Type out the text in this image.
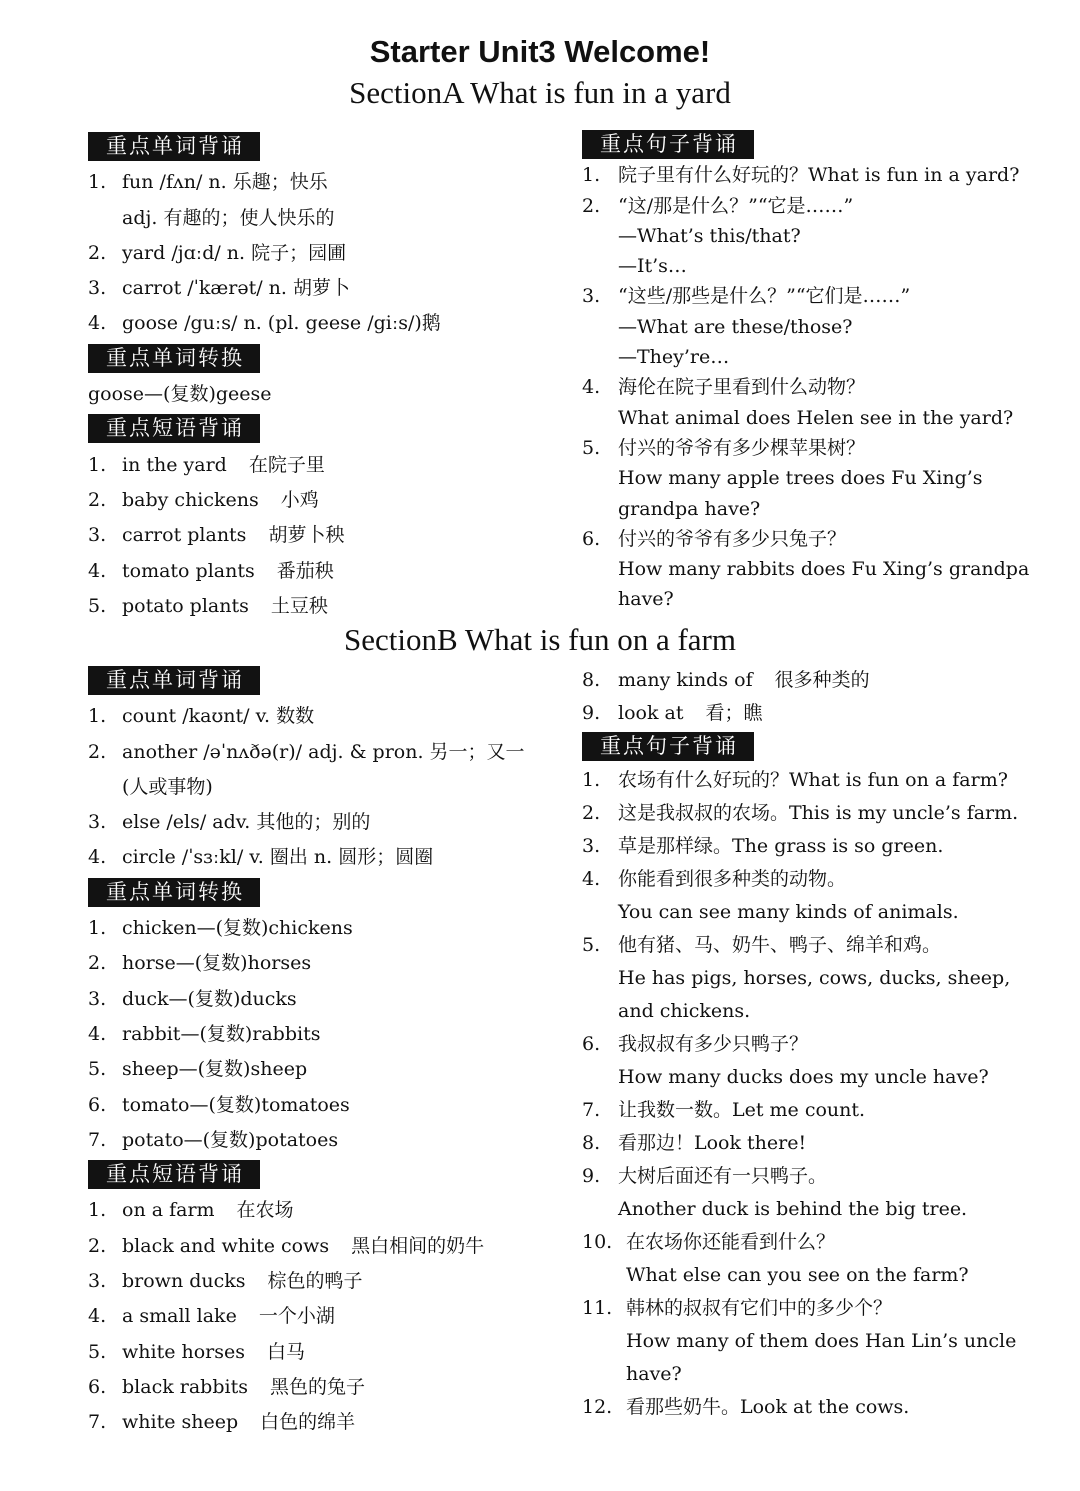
Starter Unit3 Welcome!
SectionA What is fun in a yard
SectionB What is fun on a farm
重点单词背诵
1. fun /fʌn/ n. 乐趣；快乐
adj. 有趣的；使人快乐的
2. yard /jɑːd/ n. 院子；园圃
3. carrot /ˈkærət/ n. 胡萝卜
4. goose /guːs/ n. (pl. geese /giːs/)鹅
重点单词转换
goose—(复数)geese
重点短语背诵
1. in the yard 在院子里
2. baby chickens 小鸡
3. carrot plants 胡萝卜秧
4. tomato plants 番茄秧
5. potato plants 土豆秧
重点句子背诵
1. 院子里有什么好玩的？What is fun in a yard?
2. “这/那是什么？”“它是……”
—What’s this/that?
—It’s…
3. “这些/那些是什么？”“它们是……”
—What are these/those?
—They’re…
4. 海伦在院子里看到什么动物？
What animal does Helen see in the yard?
5. 付兴的爷爷有多少棵苹果树？
How many apple trees does Fu Xing’s
grandpa have?
6. 付兴的爷爷有多少只兔子？
How many rabbits does Fu Xing’s grandpa
have?
重点单词背诵
1. count /kaʊnt/ v. 数数
2. another /əˈnʌðə(r)/ adj. & pron. 另一；又一
(人或事物)
3. else /els/ adv. 其他的；别的
4. circle /ˈsɜːkl/ v. 圈出 n. 圆形；圆圈
重点单词转换
1. chicken—(复数)chickens
2. horse—(复数)horses
3. duck—(复数)ducks
4. rabbit—(复数)rabbits
5. sheep—(复数)sheep
6. tomato—(复数)tomatoes
7. potato—(复数)potatoes
重点短语背诵
1. on a farm 在农场
2. black and white cows 黑白相间的奶牛
3. brown ducks 棕色的鸭子
4. a small lake 一个小湖
5. white horses 白马
6. black rabbits 黑色的兔子
7. white sheep 白色的绵羊
8. many kinds of 很多种类的
9. look at 看；瞧
重点句子背诵
1. 农场有什么好玩的？What is fun on a farm?
2. 这是我叔叔的农场。This is my uncle’s farm.
3. 草是那样绿。The grass is so green.
4. 你能看到很多种类的动物。
You can see many kinds of animals.
5. 他有猪、马、奶牛、鸭子、绵羊和鸡。
He has pigs, horses, cows, ducks, sheep,
and chickens.
6. 我叔叔有多少只鸭子？
How many ducks does my uncle have?
7. 让我数一数。Let me count.
8. 看那边！Look there!
9. 大树后面还有一只鸭子。
Another duck is behind the big tree.
10. 在农场你还能看到什么？
What else can you see on the farm?
11. 韩林的叔叔有它们中的多少个？
How many of them does Han Lin’s uncle
have?
12. 看那些奶牛。Look at the cows.
